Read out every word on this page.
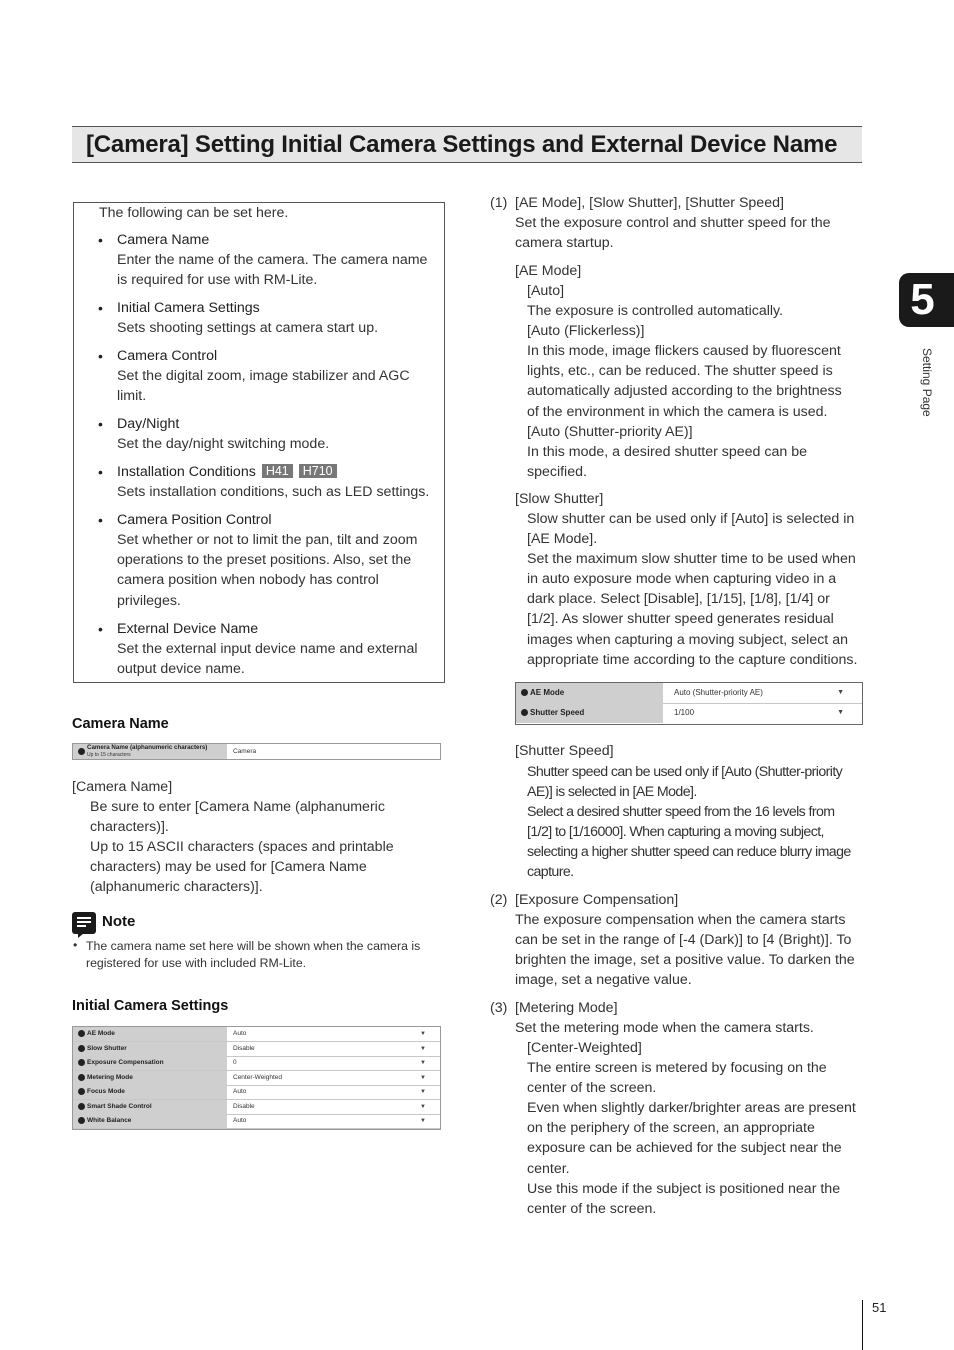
[Camera] Setting Initial Camera Settings and External Device Name
5
Setting Page
The following can be set here.
• Camera Name
Enter the name of the camera. The camera name
is required for use with RM-Lite.
• Initial Camera Settings
Sets shooting settings at camera start up.
• Camera Control
Set the digital zoom, image stabilizer and AGC
limit.
• Day/Night
Set the day/night switching mode.
• Installation Conditions H41 H710
Sets installation conditions, such as LED settings.
• Camera Position Control
Set whether or not to limit the pan, tilt and zoom
operations to the preset positions. Also, set the
camera position when nobody has control
privileges.
• External Device Name
Set the external input device name and external
output device name.
Camera Name
Camera Name (alphanumeric characters)
Up to 15 characters	Camera
[Camera Name]
Be sure to enter [Camera Name (alphanumeric
characters)].
Up to 15 ASCII characters (spaces and printable
characters) may be used for [Camera Name
(alphanumeric characters)].
Note
• The camera name set here will be shown when the camera is
registered for use with included RM-Lite.
Initial Camera Settings
AE Mode	Auto	▼
Slow Shutter	Disable	▼
Exposure Compensation	0	▼
Metering Mode	Center-Weighted	▼
Focus Mode	Auto	▼
Smart Shade Control	Disable	▼
White Balance	Auto	▼
(1) [AE Mode], [Slow Shutter], [Shutter Speed]
Set the exposure control and shutter speed for the
camera startup.
[AE Mode]
[Auto]
The exposure is controlled automatically.
[Auto (Flickerless)]
In this mode, image flickers caused by fluorescent
lights, etc., can be reduced. The shutter speed is
automatically adjusted according to the brightness
of the environment in which the camera is used.
[Auto (Shutter-priority AE)]
In this mode, a desired shutter speed can be
specified.
[Slow Shutter]
Slow shutter can be used only if [Auto] is selected in
[AE Mode].
Set the maximum slow shutter time to be used when
in auto exposure mode when capturing video in a
dark place. Select [Disable], [1/15], [1/8], [1/4] or
[1/2]. As slower shutter speed generates residual
images when capturing a moving subject, select an
appropriate time according to the capture conditions.
AE Mode	Auto (Shutter-priority AE)	▼
Shutter Speed	1/100	▼
[Shutter Speed]
Shutter speed can be used only if [Auto (Shutter-priority
AE)] is selected in [AE Mode].
Select a desired shutter speed from the 16 levels from
[1/2] to [1/16000]. When capturing a moving subject,
selecting a higher shutter speed can reduce blurry image
capture.
(2) [Exposure Compensation]
The exposure compensation when the camera starts
can be set in the range of [-4 (Dark)] to [4 (Bright)]. To
brighten the image, set a positive value. To darken the
image, set a negative value.
(3) [Metering Mode]
Set the metering mode when the camera starts.
[Center-Weighted]
The entire screen is metered by focusing on the
center of the screen.
Even when slightly darker/brighter areas are present
on the periphery of the screen, an appropriate
exposure can be achieved for the subject near the
center.
Use this mode if the subject is positioned near the
center of the screen.
51
